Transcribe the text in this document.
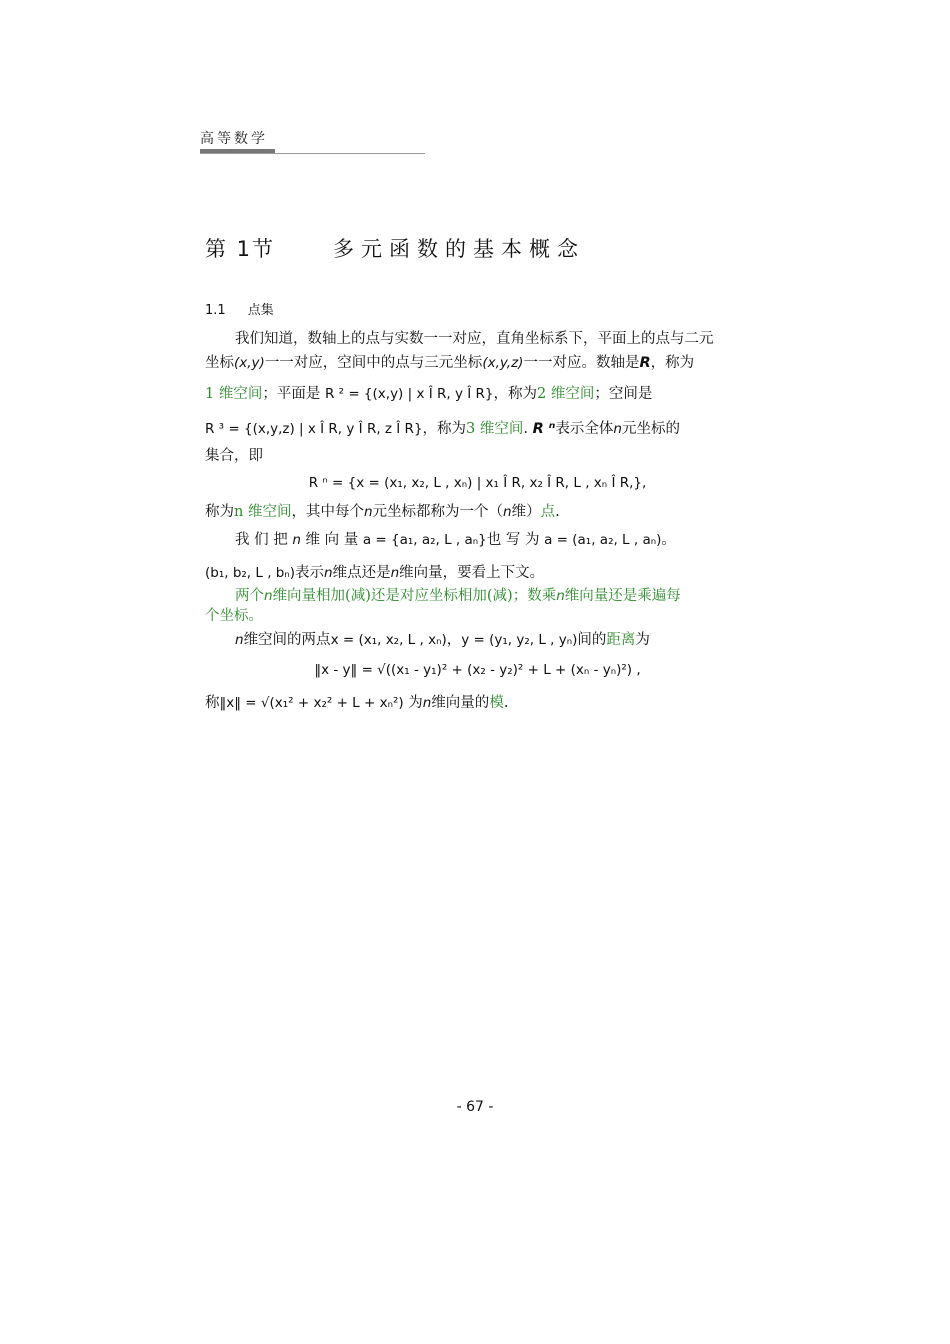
高等数学
第 1节	多元函数的基本概念
1.1 点集
我们知道，数轴上的点与实数一一对应，直角坐标系下，平面上的点与二元
坐标(x,y)一一对应，空间中的点与三元坐标(x,y,z)一一对应。数轴是R，称为
1 维空间；平面是 R ² = {(x,y) | x Î R, y Î R}，称为2 维空间；空间是
R ³ = {(x,y,z) | x Î R, y Î R, z Î R}，称为3 维空间. R ⁿ表示全体n元坐标的
集合，即
R ⁿ = {x = (x₁, x₂, L , xₙ) | x₁ Î R, x₂ Î R, L , xₙ Î R,},
称为n 维空间，其中每个n元坐标都称为一个（n维）点.
我 们 把 n 维 向 量 a = {a₁, a₂, L , aₙ}也 写 为 a = (a₁, a₂, L , aₙ)。
(b₁, b₂, L , bₙ)表示n维点还是n维向量，要看上下文。
两个n维向量相加(减)还是对应坐标相加(减)；数乘n维向量还是乘遍每
个坐标。
n维空间的两点x = (x₁, x₂, L , xₙ)，y = (y₁, y₂, L , yₙ)间的距离为
‖x - y‖ = √((x₁ - y₁)² + (x₂ - y₂)² + L + (xₙ - yₙ)²) ,
称‖x‖ = √(x₁² + x₂² + L + xₙ²) 为n维向量的模.
- 67 -
